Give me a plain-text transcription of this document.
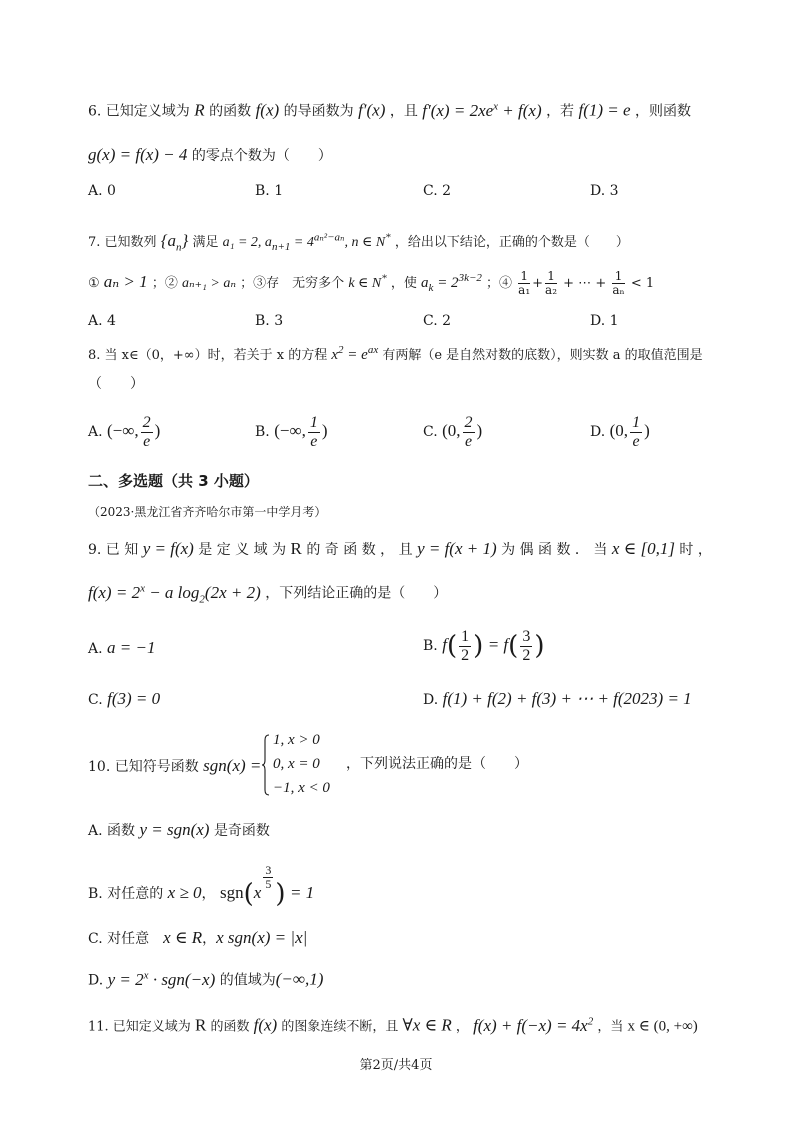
6. 已知定义域为 R 的函数 f(x) 的导函数为 f′(x) ，且 $f'(x) = 2xe^x + f(x)$ ，若 f(1) = e ，则函数
g(x) = f(x) − 4 的零点个数为（　　）
A. 0	B. 1	C. 2	D. 3
7. 已知数列 $\{a_n\}$ 满足 a₁ = 2, $a_{n+1} = 4^{a_n^2-a_n}$, n ∈ N* ，给出以下结论，正确的个数是（　　）
① aₙ > 1 ；② aₙ₊₁ > aₙ ；③存　无穷多个 k ∈ N* ，使 $a_k = 2^{3k-2}$ ；④ $\frac{1}{\text{a₁}} + \frac{1}{\text{a₂}}$ + ⋯ + $\frac{1}{\text{aₙ}} < 1$
A. 4	B. 3	C. 2	D. 1
8. 当 x∈（0，+∞）时，若关于 x 的方程 $x^2 = e^{ax}$ 有两解（e 是自然对数的底数），则实数 a 的取值范围是
（　　）
A. (−∞, $\frac{2}{e}$ )	B. (−∞, $\frac{1}{e}$ )	C. (0, $\frac{2}{e}$ )	D. (0, $\frac{1}{e}$ )
二、多选题（共 3 小题）
（2023·黑龙江省齐齐哈尔市第一中学月考）
9. 已 知 y = f(x) 是 定 义 域 为 R 的 奇 函 数 ， 且 y = f(x + 1) 为 偶 函 数 ． 当 x ∈ [0,1] 时 ，
$f(x) = 2^x - a$ $\log_2(2x + 2)$ ，下列结论正确的是（　　）
A. a = −1	B. $f( \frac{1}{2}$ ) = $f( \frac{3}{2}$ )
C. f(3) = 0	D. f(1) + f(2) + f(3) + ⋯ + f(2023) = 1
10. 已知符号函数 sgn(x) =
1, x > 0
0, x = 0
−1, x < 0
，下列说法正确的是（　　）
A. 函数 y = sgn(x) 是奇函数
B. 对任意的 x ≥ 0， sgn(x
$^{\frac{3}{5}}$
) = 1
C. 对任意　x ∈ R，x sgn(x) = |x|
D. $y = 2^x \cdot sgn(-x)$ 的值域为(−∞,1)
11. 已知定义域为 R 的函数 f(x) 的图象连续不断，且 ∀x ∈ R ， $f(x) + f(-x) = 4x^2$ ，当 x ∈ (0, +∞)
第2页/共4页
